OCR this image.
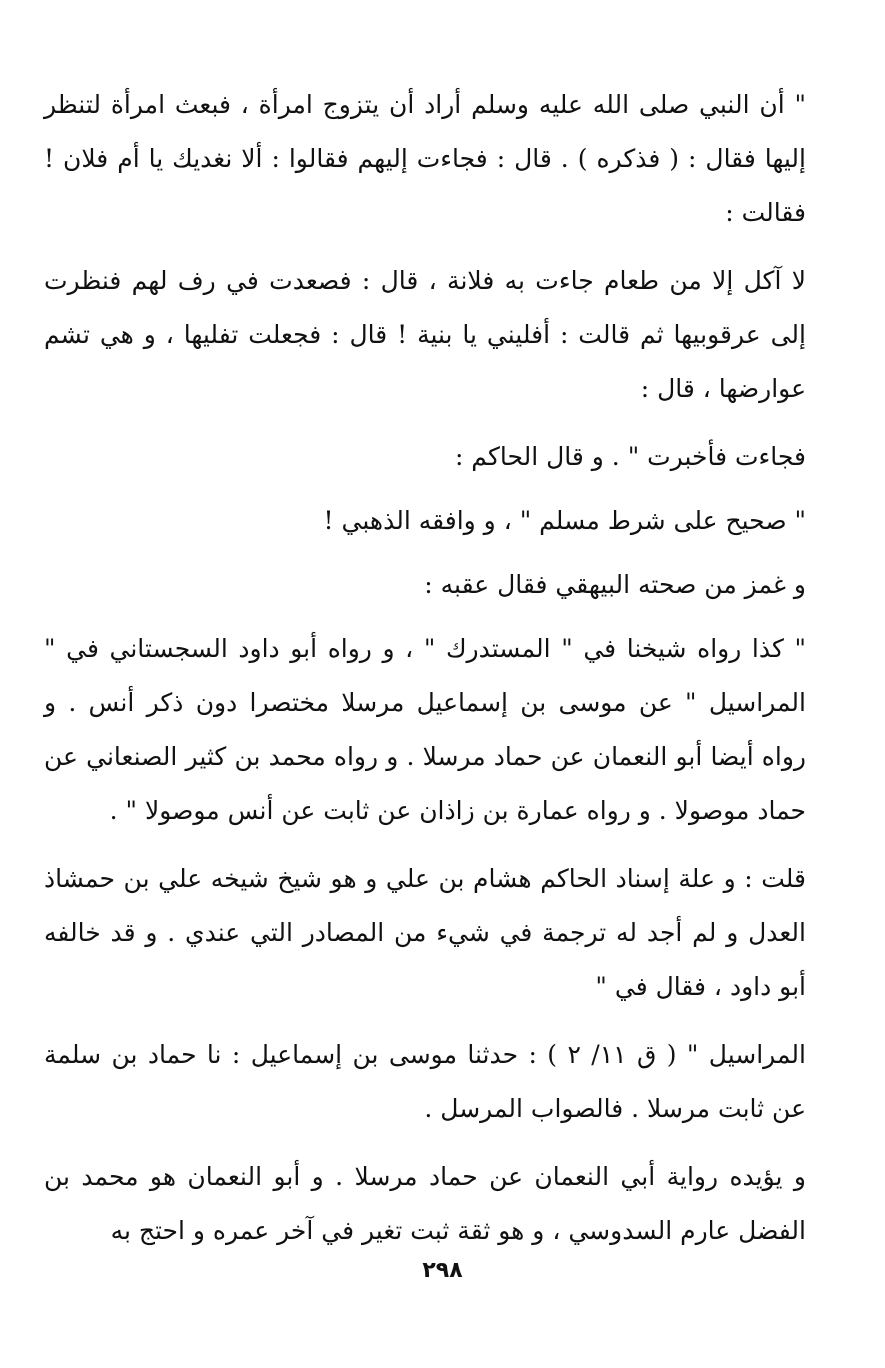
" أن النبي صلى الله عليه وسلم أراد أن يتزوج امرأة ، فبعث امرأة لتنظر إليها فقال : ( فذكره ) . قال : فجاءت إليهم فقالوا : ألا نغديك يا أم فلان ! فقالت :

لا آكل إلا من طعام جاءت به فلانة ، قال : فصعدت في رف لهم فنظرت إلى عرقوبيها ثم قالت : أفليني يا بنية ! قال : فجعلت تفليها ، و هي تشم عوارضها ، قال :

فجاءت فأخبرت " . و قال الحاكم :

" صحيح على شرط مسلم " ، و وافقه الذهبي !

و غمز من صحته البيهقي فقال عقبه :

" كذا رواه شيخنا في " المستدرك " ، و رواه أبو داود السجستاني في " المراسيل " عن موسى بن إسماعيل مرسلا مختصرا دون ذكر أنس . و رواه أيضا أبو النعمان عن حماد مرسلا . و رواه محمد بن كثير الصنعاني عن حماد موصولا . و رواه عمارة بن زاذان عن ثابت عن أنس موصولا " .

قلت : و علة إسناد الحاكم هشام بن علي و هو شيخ شيخه علي بن حمشاذ العدل و لم أجد له ترجمة في شيء من المصادر التي عندي . و قد خالفه أبو داود ، فقال في "

المراسيل " ( ق ١١/ ٢ ) : حدثنا موسى بن إسماعيل : نا حماد بن سلمة عن ثابت مرسلا . فالصواب المرسل .

و يؤيده رواية أبي النعمان عن حماد مرسلا . و أبو النعمان هو محمد بن الفضل عارم السدوسي ، و هو ثقة ثبت تغير في آخر عمره و احتج به

٢٩٨
